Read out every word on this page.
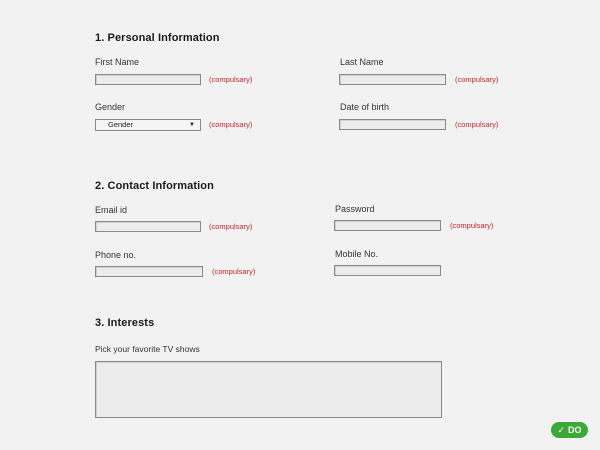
1. Personal Information
First Name
(compulsary)
Last Name
(compulsary)
Gender
Gender	▼ (compulsary)
Date of birth
(compulsary)
2. Contact Information
Email id
(compulsary)
Password
(compulsary)
Phone no.
(compulsary)
Mobile No.
3. Interests
Pick your favorite TV shows
✓ DO
